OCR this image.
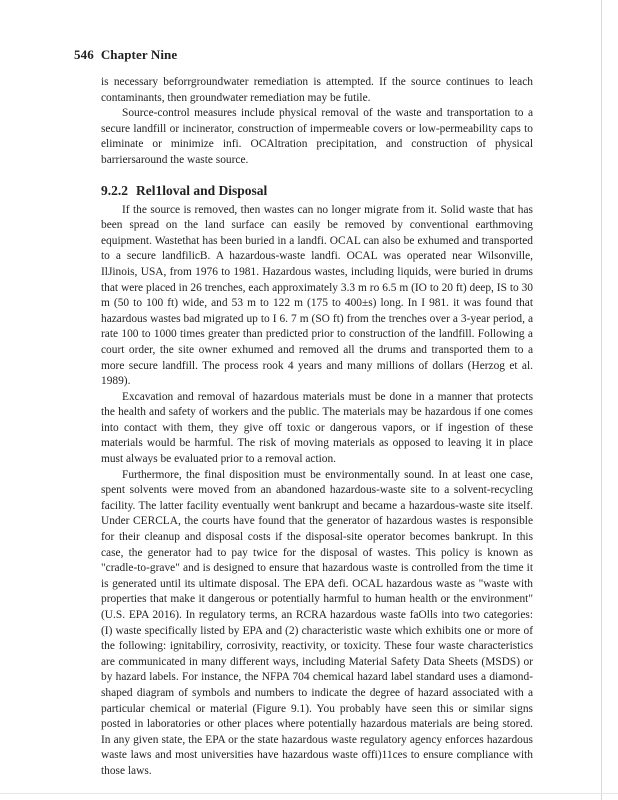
546 Chapter Nine

is necessary beforrgroundwater remediation is attempted. If the source continues to leach contaminants, then groundwater remediation may be futile.

Source-control measures include physical removal of the waste and transportation to a secure landfill or incinerator, construction of impermeable covers or low-permeability caps to eliminate or minimize infi. OCAltration precipitation, and construction of physical barriersaround the waste source.

9.2.2 Rel1loval and Disposal

If the source is removed, then wastes can no longer migrate from it. Solid waste that has been spread on the land surface can easily be removed by conventional earthmoving equipment. Wastethat has been buried in a landfi. OCAL can also be exhumed and transported to a secure landfilicB. A hazardous-waste landfi. OCAL was operated near Wilsonville, IlJinois, USA, from 1976 to 1981. Hazardous wastes, including liquids, were buried in drums that were placed in 26 trenches, each approximately 3.3 m ro 6.5 m (IO to 20 ft) deep, IS to 30 m (50 to 100 ft) wide, and 53 m to 122 m (175 to 400±s) long. In I 981. it was found that hazardous wastes bad migrated up to I 6. 7 m (SO ft) from the trenches over a 3-year period, a rate 100 to 1000 times greater than predicted prior to construction of the landfill. Following a court order, the site owner exhumed and removed all the drums and transported them to a more secure landfill. The process rook 4 years and many millions of dollars (Herzog et al. 1989).

Excavation and removal of hazardous materials must be done in a manner that protects the health and safety of workers and the public. The materials may be hazardous if one comes into contact with them, they give off toxic or dangerous vapors, or if ingestion of these materials would be harmful. The risk of moving materials as opposed to leaving it in place must always be evaluated prior to a removal action.

Furthermore, the final disposition must be environmentally sound. In at least one case, spent solvents were moved from an abandoned hazardous-waste site to a solvent-recycling facility. The latter facility eventually went bankrupt and became a hazardous-waste site itself. Under CERCLA, the courts have found that the generator of hazardous wastes is responsible for their cleanup and disposal costs if the disposal-site operator becomes bankrupt. In this case, the generator had to pay twice for the disposal of wastes. This policy is known as "cradle-to-grave" and is designed to ensure that hazardous waste is controlled from the time it is generated until its ultimate disposal. The EPA defi. OCAL hazardous waste as "waste with properties that make it dangerous or potentially harmful to human health or the environment" (U.S. EPA 2016). In regulatory terms, an RCRA hazardous waste faOlls into two categories: (I) waste specifically listed by EPA and (2) characteristic waste which exhibits one or more of the following: ignitabiliry, corrosivity, reactivity, or toxicity. These four waste characteristics are communicated in many different ways, including Material Safety Data Sheets (MSDS) or by hazard labels. For instance, the NFPA 704 chemical hazard label standard uses a diamond-shaped diagram of symbols and numbers to indicate the degree of hazard associated with a particular chemical or material (Figure 9.1). You probably have seen this or similar signs posted in laboratories or other places where potentially hazardous materials are being stored. In any given state, the EPA or the state hazardous waste regulatory agency enforces hazardous waste laws and most universities have hazardous waste offi)11ces to ensure compliance with those laws.
